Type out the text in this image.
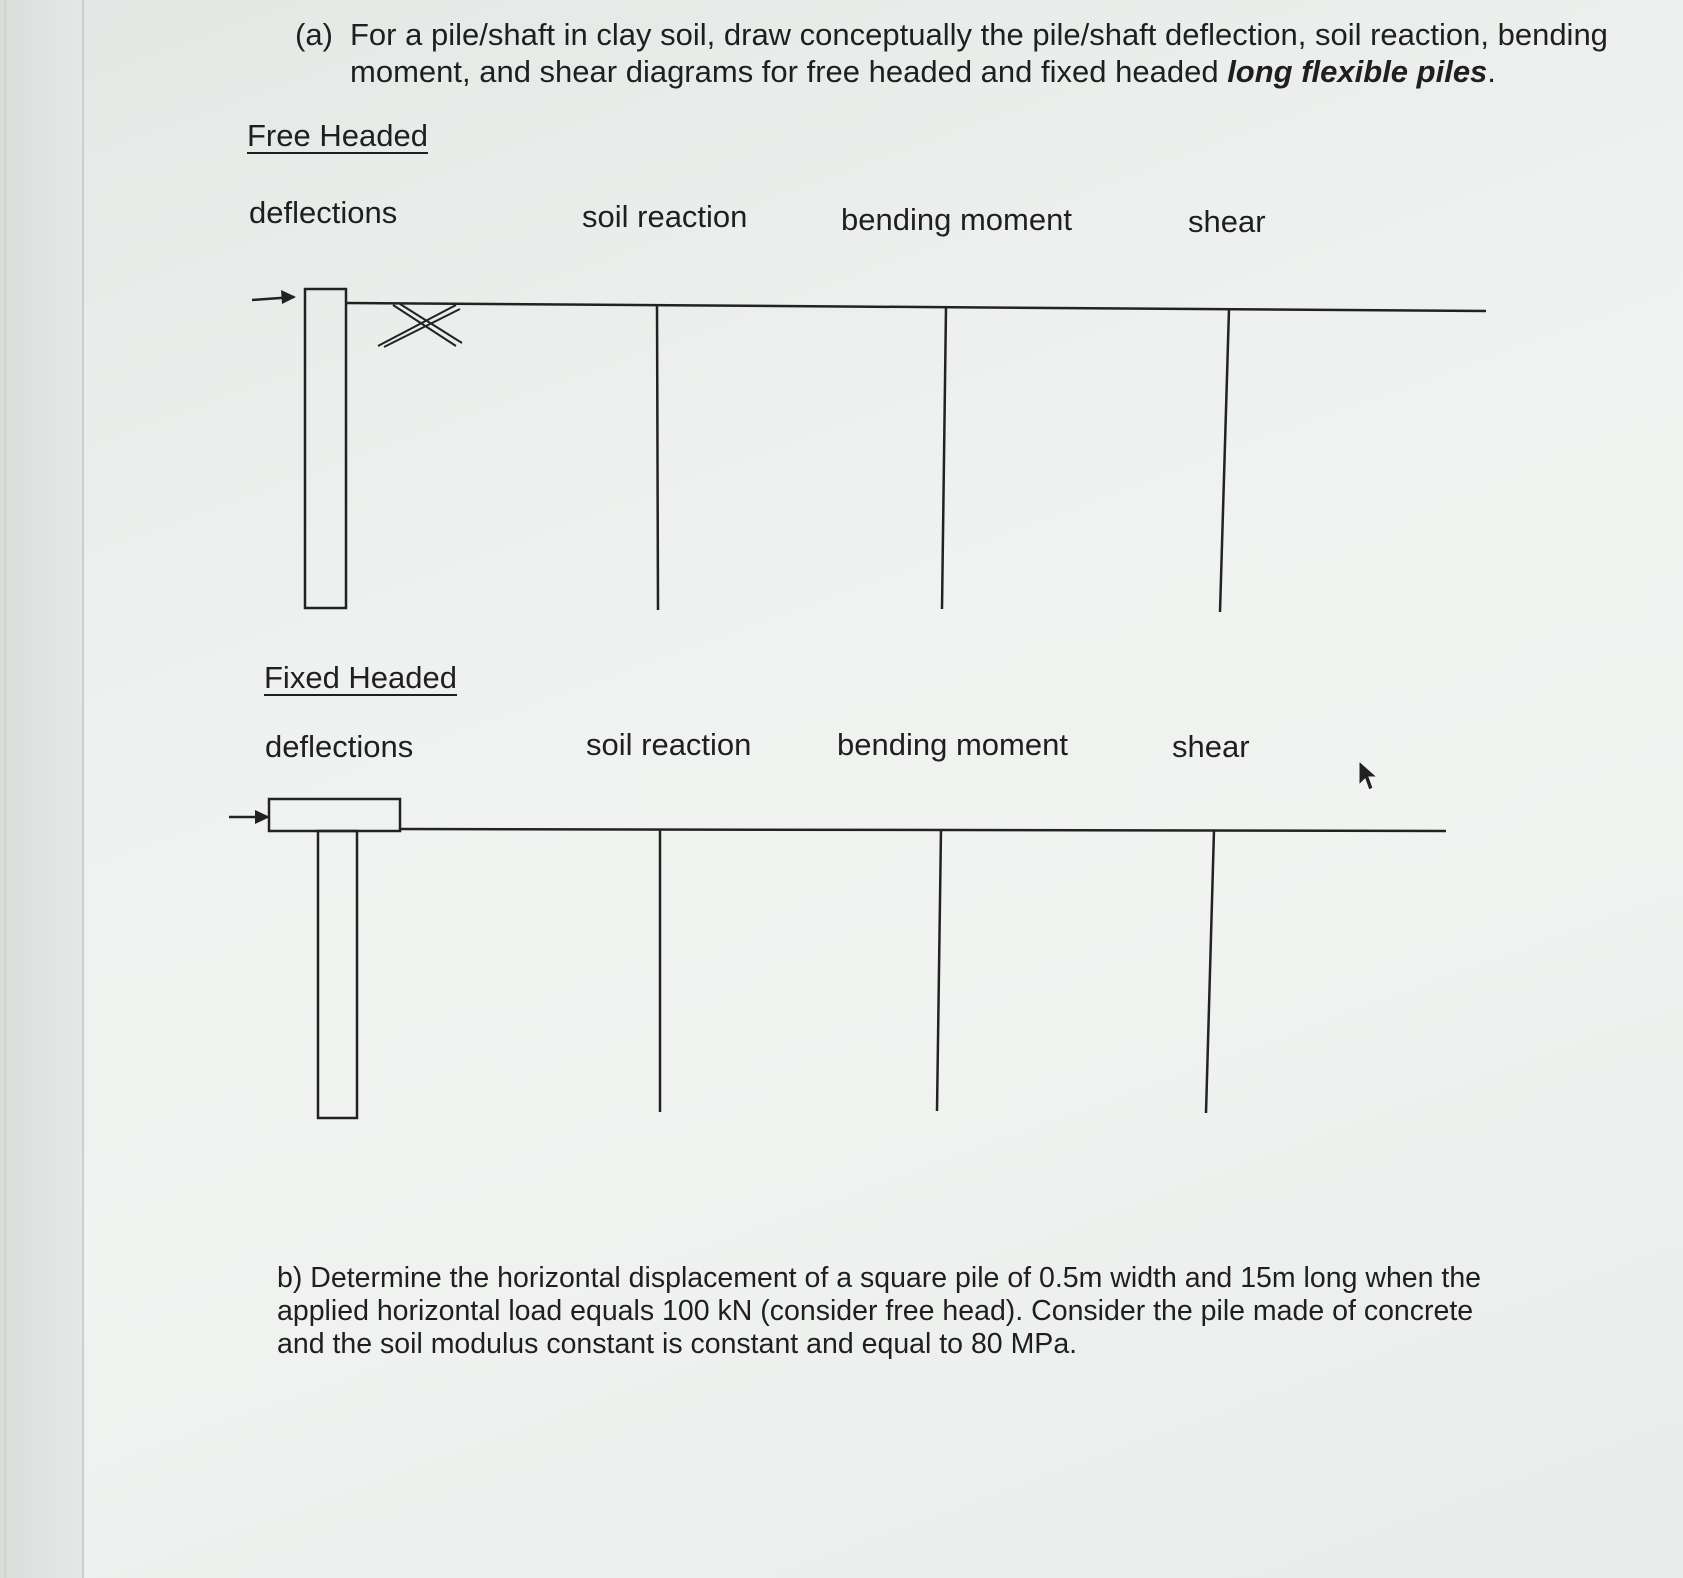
(a) For a pile/shaft in clay soil, draw conceptually the pile/shaft deflection, soil reaction, bending moment, and shear diagrams for free headed and fixed headed long flexible piles.
Free Headed
deflections	soil reaction	bending moment	shear
Fixed Headed
deflections	soil reaction	bending moment	shear
b) Determine the horizontal displacement of a square pile of 0.5m width and 15m long when the applied horizontal load equals 100 kN (consider free head). Consider the pile made of concrete and the soil modulus constant is constant and equal to 80 MPa.
